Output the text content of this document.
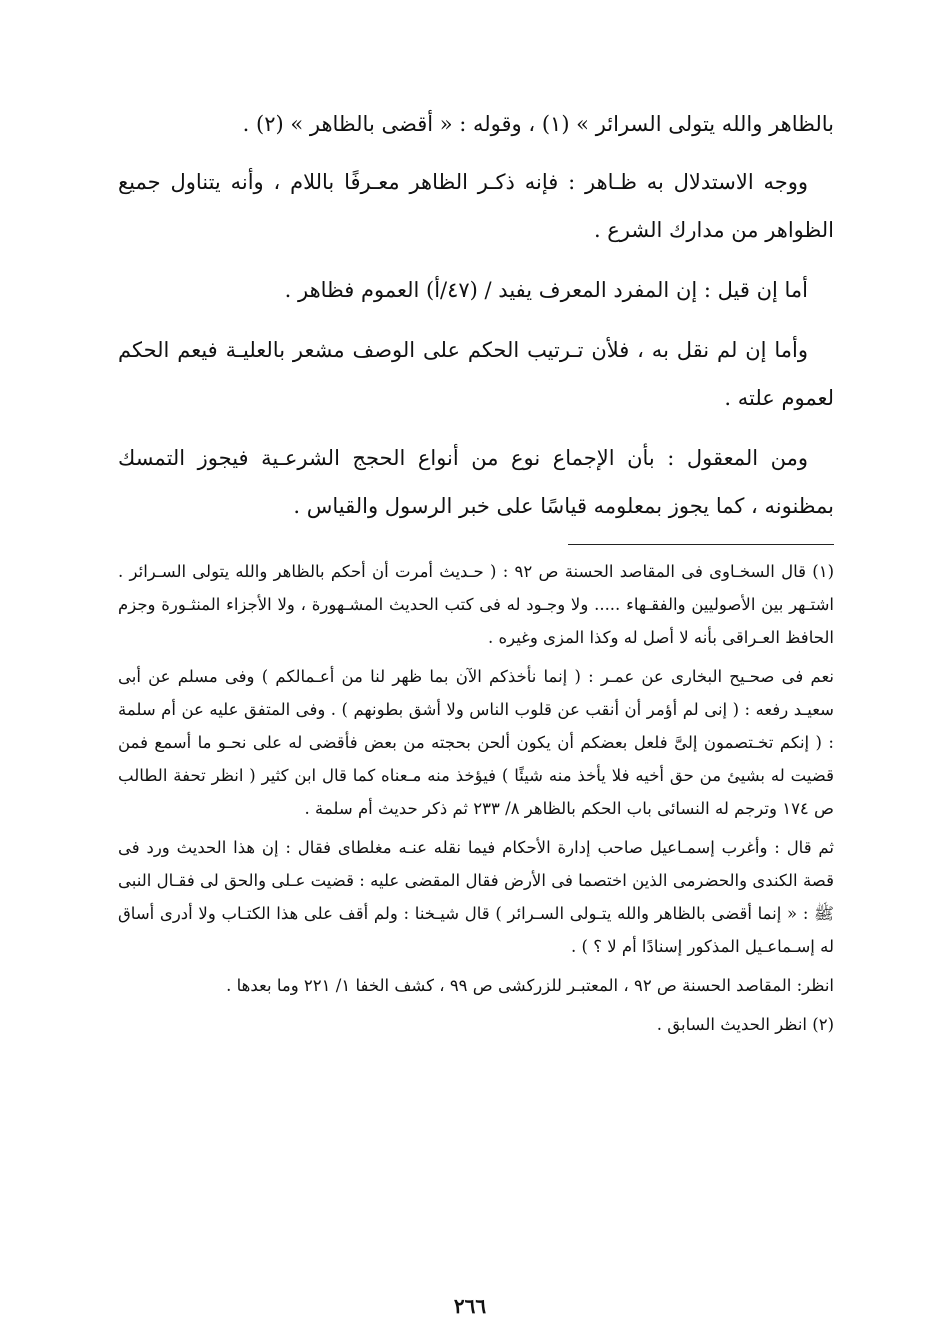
بالظاهر والله يتولى السرائر » (١) ، وقوله : « أقضى بالظاهر » (٢) .

ووجه الاستدلال به ظـاهر : فإنه ذكـر الظاهر معـرفًا باللام ، وأنه يتناول جميع الظواهر من مدارك الشرع .

أما إن قيل : إن المفرد المعرف يفيد / (٤٧/أ) العموم فظاهر .

وأما إن لم نقل به ، فلأن تـرتيب الحكم على الوصف مشعر بالعليـة فيعم الحكم لعموم علته .

ومن المعقول : بأن الإجماع نوع من أنواع الحجج الشرعـية فيجوز التمسك بمظنونه ، كما يجوز بمعلومه قياسًا على خبر الرسول والقياس .

(١) قال السخـاوى فى المقاصد الحسنة ص ٩٢ : ( حـديث أمرت أن أحكم بالظاهر والله يتولى السـرائر . اشتـهر بين الأصوليين والفقـهاء ..... ولا وجـود له فى كتب الحديث المشـهورة ، ولا الأجزاء المنثـورة وجزم الحافظ العـراقى بأنه لا أصل له وكذا المزى وغيره .

نعم فى صحـيح البخارى عن عمـر : ( إنما نأخذكم الآن بما ظهر لنا من أعـمالكم ) وفى مسلم عن أبى سعيـد رفعه : ( إنى لم أؤمر أن أنقب عن قلوب الناس ولا أشق بطونهم ) . وفى المتفق عليه عن أم سلمة : ( إنكم تخـتصمون إلىَّ فلعل بعضكم أن يكون ألحن بحجته من بعض فأقضى له على نحـو ما أسمع فمن قضيت له بشيئ من حق أخيه فلا يأخذ منه شيئًا ) فيؤخذ منه مـعناه كما قال ابن كثير ( انظر تحفة الطالب ص ١٧٤ وترجم له النسائى باب الحكم بالظاهر ٨/ ٢٣٣ ثم ذكر حديث أم سلمة .

ثم قال : وأغرب إسمـاعيل صاحب إدارة الأحكام فيما نقله عنـه مغلطاى فقال : إن هذا الحديث ورد فى قصة الكندى والحضرمى الذين اختصما فى الأرض فقال المقضى عليه : قضيت عـلى والحق لى فقـال النبى ﷺ : « إنما أقضى بالظاهر والله يتـولى السـرائر ) قال شيـخنا : ولم أقف على هذا الكتـاب ولا أدرى أساق له إسـماعـيل المذكور إسنادًا أم لا ؟ ) .

انظر: المقاصد الحسنة ص ٩٢ ، المعتبـر للزركشى ص ٩٩ ، كشف الخفا ١/ ٢٢١ وما بعدها .

(٢) انظر الحديث السابق .

٢٦٦
